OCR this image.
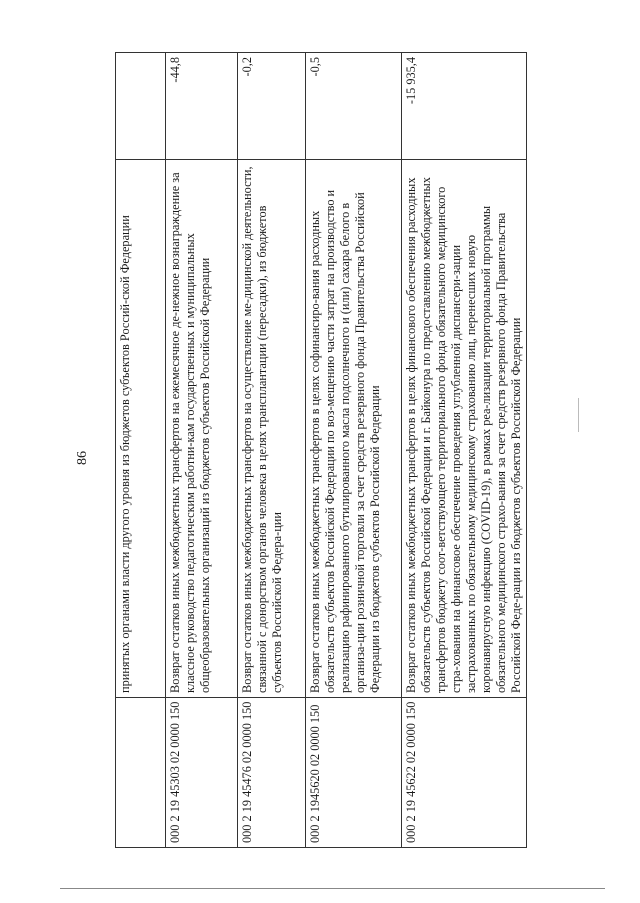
86
	принятых органами власти другого уровня из бюджетов субъектов Россий-ской Федерации	
000 2 19 45303 02 0000 150	Возврат остатков иных межбюджетных трансфертов на ежемесячное де-нежное вознаграждение за классное руководство педагогическим работни-кам государственных и муниципальных общеобразовательных организаций из бюджетов субъектов Российской Федерации	-44,8
000 2 19 45476 02 0000 150	Возврат остатков иных межбюджетных трансфертов на осуществление ме-дицинской деятельности, связанной с донорством органов человека в целях трансплантации (пересадки), из бюджетов субъектов Российской Федера-ции	-0,2
000 2 1945620 02 0000 150	Возврат остатков иных межбюджетных трансфертов в целях софинансиро-вания расходных обязательств субъектов Российской Федерации по воз-мещению части затрат на производство и реализацию рафинированного бутилированного масла подсолнечного и (или) сахара белого в организа-ции розничной торговли за счет средств резервного фонда Правительства Российской Федерации из бюджетов субъектов Российской Федерации	-0,5
000 2 19 45622 02 0000 150	Возврат остатков иных межбюджетных трансфертов в целях финансового обеспечения расходных обязательств субъектов Российской Федерации и г. Байконура по предоставлению межбюджетных трансфертов бюджету соот-ветствующего территориального фонда обязательного медицинского стра-хования на финансовое обеспечение проведения углубленной диспансери-зации застрахованных по обязательному медицинскому страхованию лиц, перенесших новую коронавирусную инфекцию (COVID-19), в рамках реа-лизации территориальной программы обязательного медицинского страхо-вания за счет средств резервного фонда Правительства Российской Феде-рации из бюджетов субъектов Российской Федерации	-15 935,4
